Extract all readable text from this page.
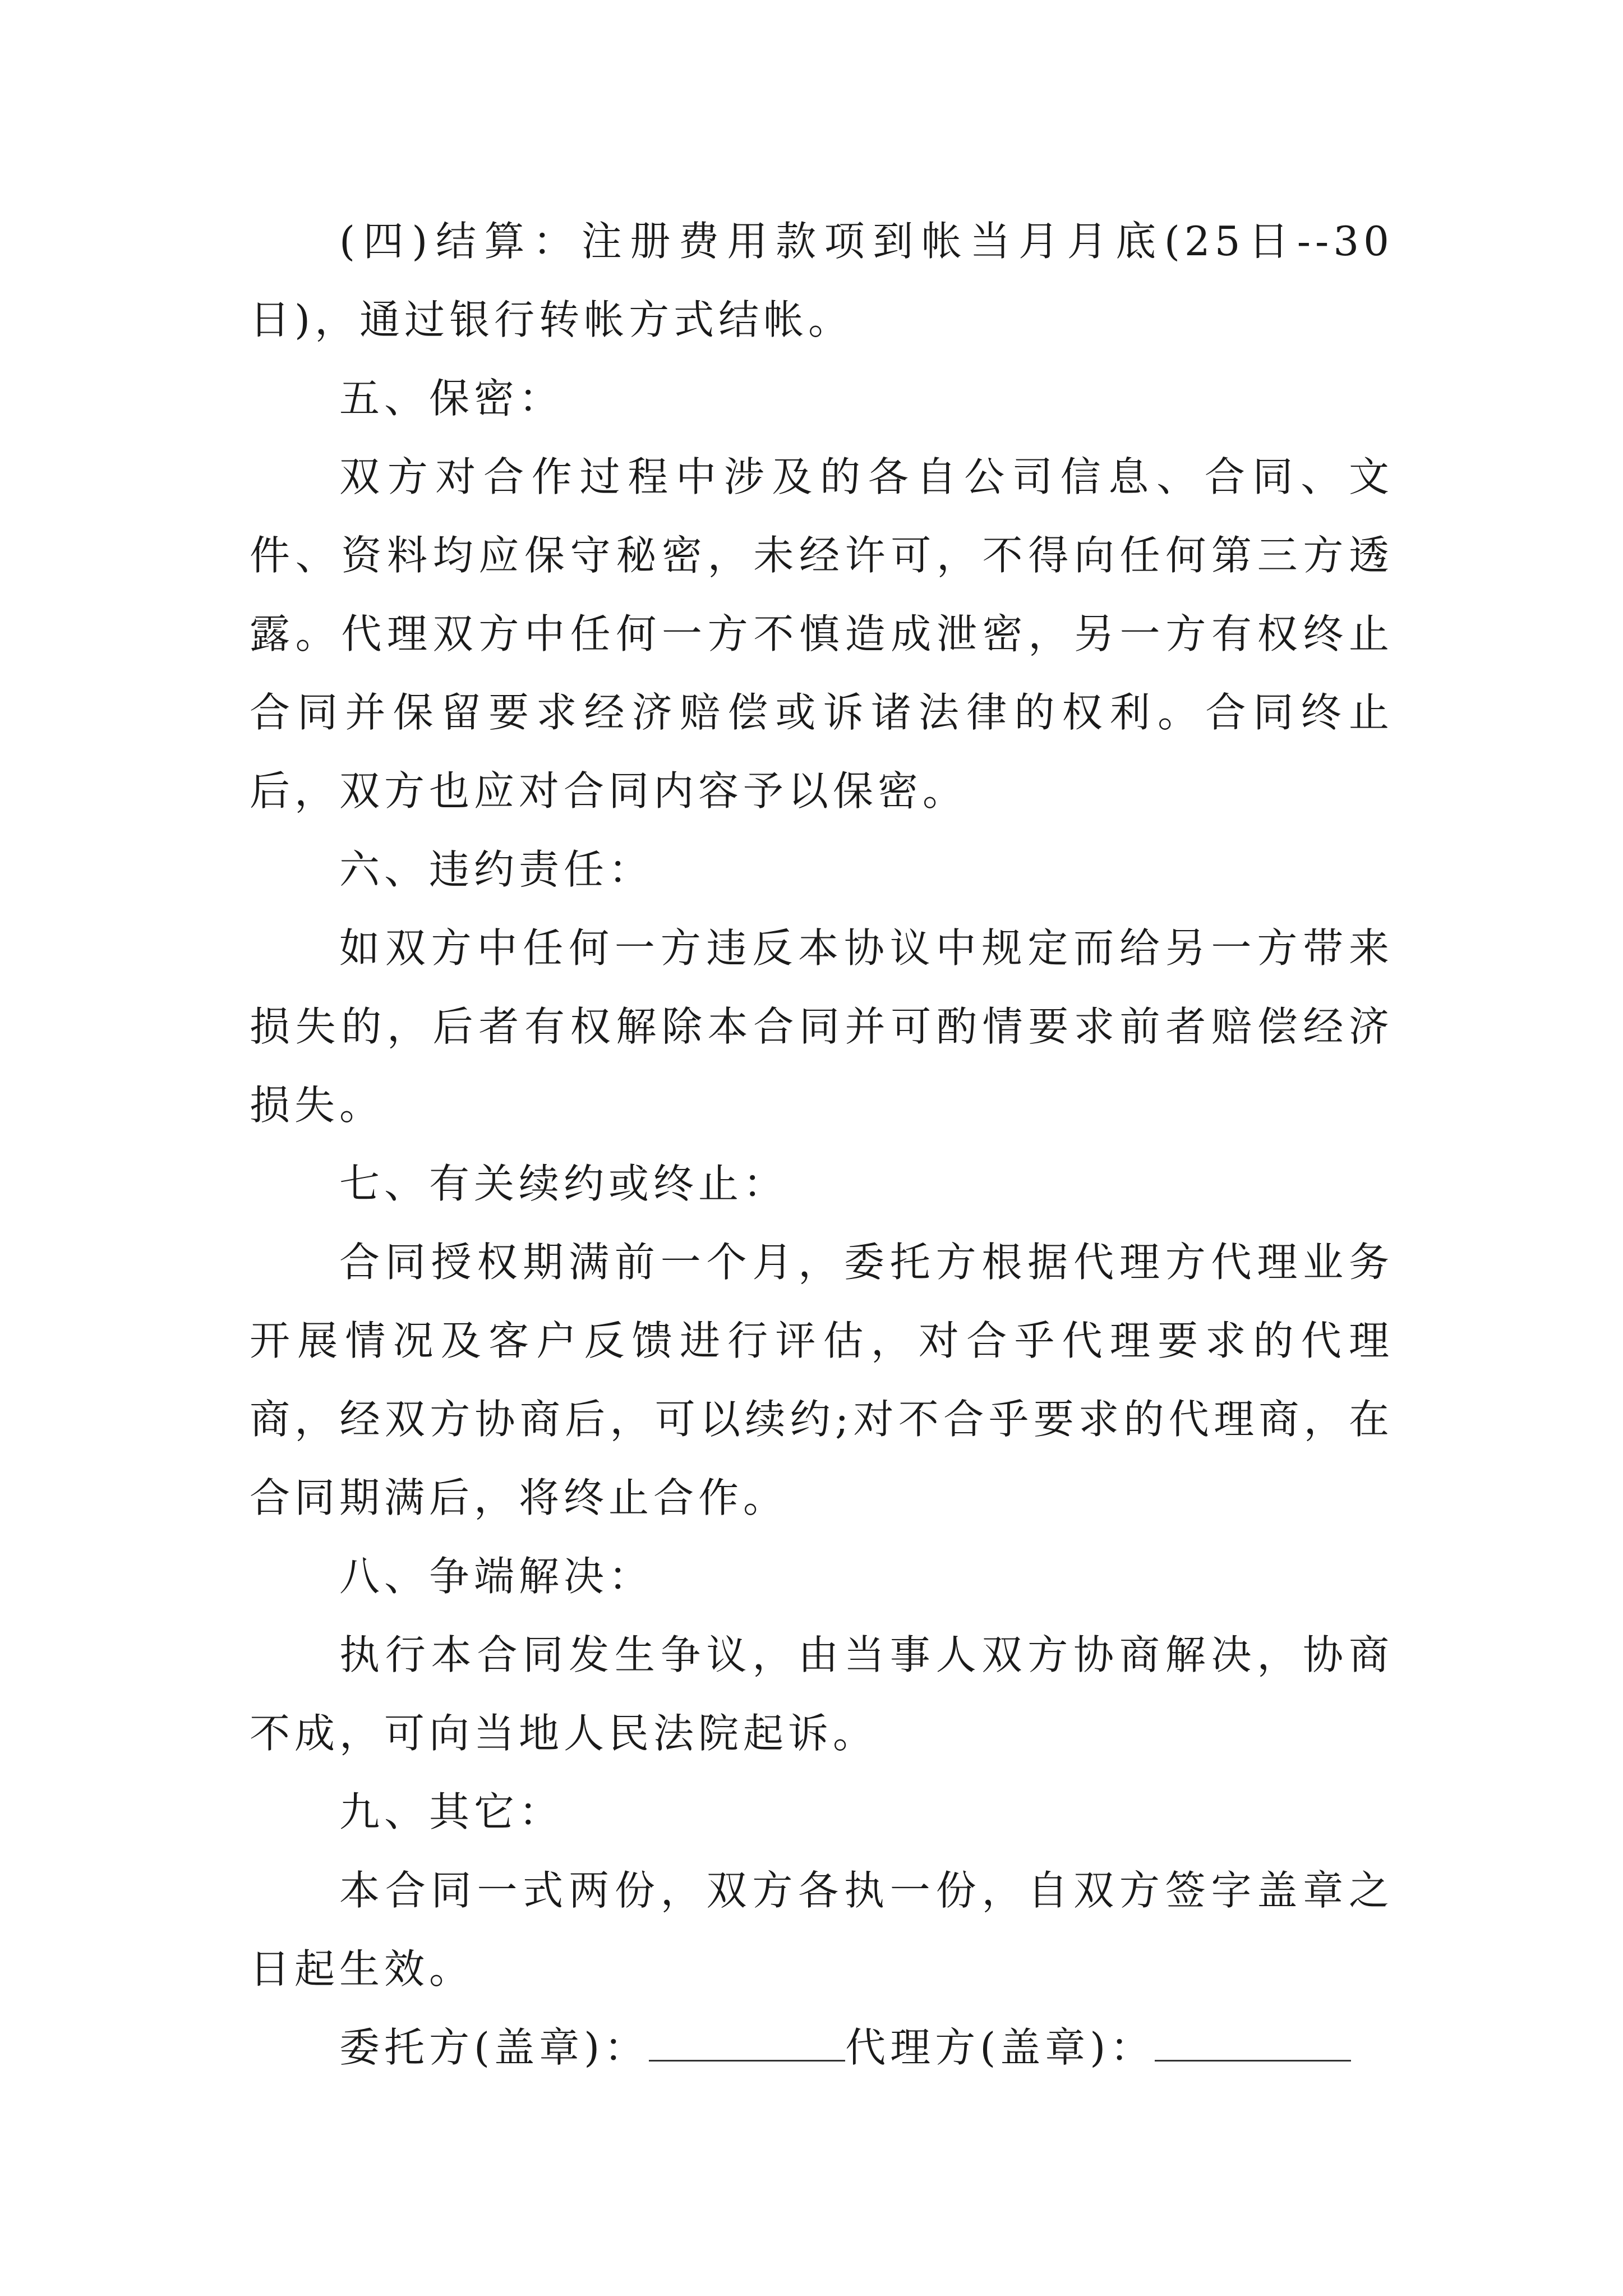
(四)结算：注册费用款项到帐当月月底(25日--30日)，通过银行转帐方式结帐。

五、保密：

双方对合作过程中涉及的各自公司信息、合同、文件、资料均应保守秘密，未经许可，不得向任何第三方透露。代理双方中任何一方不慎造成泄密，另一方有权终止合同并保留要求经济赔偿或诉诸法律的权利。合同终止后，双方也应对合同内容予以保密。

六、违约责任：

如双方中任何一方违反本协议中规定而给另一方带来损失的，后者有权解除本合同并可酌情要求前者赔偿经济损失。

七、有关续约或终止：

合同授权期满前一个月，委托方根据代理方代理业务开展情况及客户反馈进行评估，对合乎代理要求的代理商，经双方协商后，可以续约;对不合乎要求的代理商，在合同期满后，将终止合作。

八、争端解决：

执行本合同发生争议，由当事人双方协商解决，协商不成，可向当地人民法院起诉。

九、其它：

本合同一式两份，双方各执一份，自双方签字盖章之日起生效。

委托方(盖章)：	代理方(盖章)：
